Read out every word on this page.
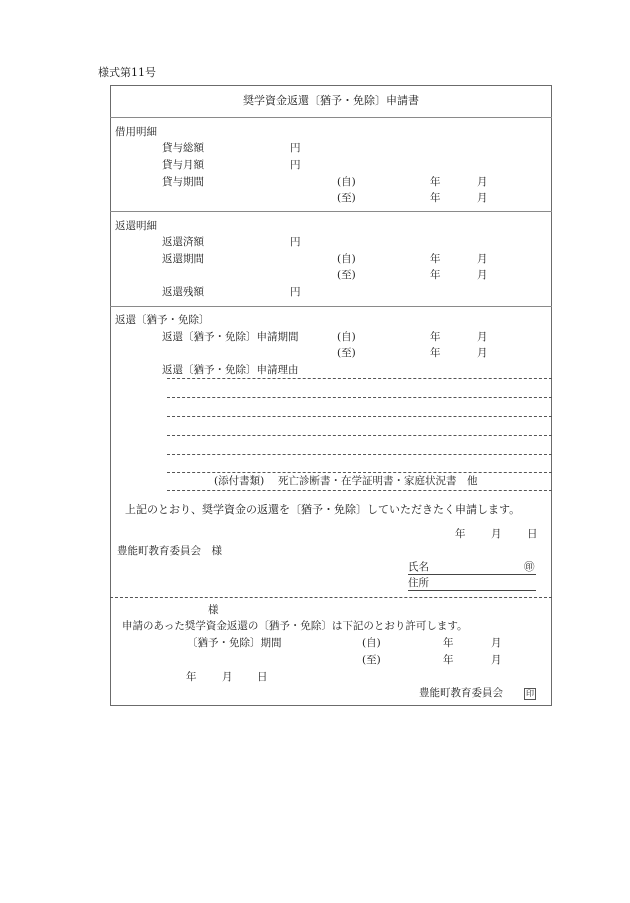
様式第11号
奨学資金返還〔猶予・免除〕申請書
借用明細
貸与総額	円
貸与月額	円
貸与期間	(自)	年	月
(至)	年	月
返還明細
返還済額	円
返還期間	(自)	年	月
(至)	年	月
返還残額	円
返還〔猶予・免除〕
返還〔猶予・免除〕申請期間	(自)	年	月
(至)	年	月
返還〔猶予・免除〕申請理由
(添付書類)　 死亡診断書・在学証明書・家庭状況書　他
上記のとおり、奨学資金の返還を〔猶予・免除〕していただきたく申請します。
年 月 日
豊能町教育委員会　様
氏名	㊞
住所
様
申請のあった奨学資金返還の〔猶予・免除〕は下記のとおり許可します。
〔猶予・免除〕期間	(自)	年	月
(至)	年	月
年 月 日
豊能町教育委員会	印
